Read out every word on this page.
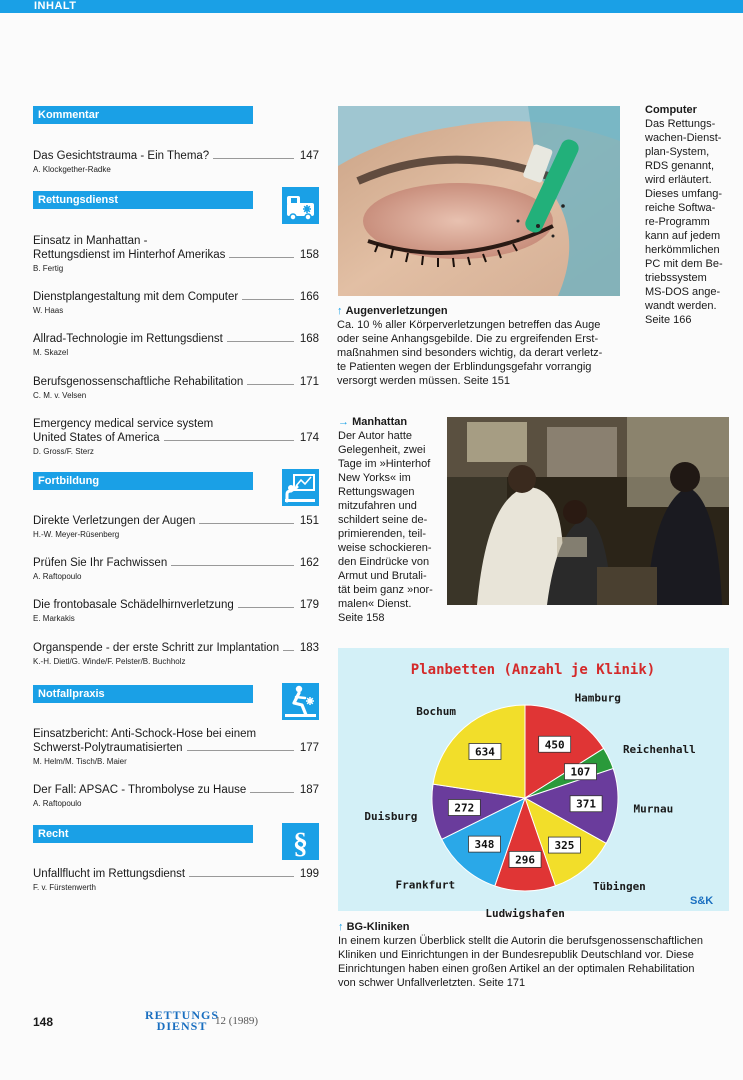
INHALT
Kommentar
Das Gesichtstrauma - Ein Thema?	147
A. Klockgether-Radke
Rettungsdienst
Einsatz in Manhattan -
Rettungsdienst im Hinterhof Amerikas	158
B. Fertig
Dienstplangestaltung mit dem Computer	166
W. Haas
Allrad-Technologie im Rettungsdienst	168
M. Skazel
Berufsgenossenschaftliche Rehabilitation	171
C. M. v. Velsen
Emergency medical service system
United States of America	174
D. Gross/F. Sterz
Fortbildung
Direkte Verletzungen der Augen	151
H.-W. Meyer-Rüsenberg
Prüfen Sie Ihr Fachwissen	162
A. Raftopoulo
Die frontobasale Schädelhirnverletzung	179
E. Markakis
Organspende - der erste Schritt zur Implantation 183
K.-H. Dietl/G. Winde/F. Pelster/B. Buchholz
Notfallpraxis
Einsatzbericht: Anti-Schock-Hose bei einem
Schwerst-Polytraumatisierten	177
M. Helm/M. Tisch/B. Maier
Der Fall: APSAC - Thrombolyse zu Hause	187
A. Raftopoulo
Recht	§
Unfallflucht im Rettungsdienst	199
F. v. Fürstenwerth
↑ Augenverletzungen
Ca. 10 % aller Körperverletzungen betreffen das Auge
oder seine Anhangsgebilde. Die zu ergreifenden Erst-
maßnahmen sind besonders wichtig, da derart verletz-
te Patienten wegen der Erblindungsgefahr vorrangig
versorgt werden müssen. Seite 151
Computer
Das Rettungs-
wachen-Dienst-
plan-System,
RDS genannt,
wird erläutert.
Dieses umfang-
reiche Softwa-
re-Programm
kann auf jedem
herkömmlichen
PC mit dem Be-
triebssystem
MS-DOS ange-
wandt werden.
Seite 166
→ Manhattan
Der Autor hatte
Gelegenheit, zwei
Tage im »Hinterhof
New Yorks« im
Rettungswagen
mitzufahren und
schildert seine de-
primierenden, teil-
weise schockieren-
den Eindrücke von
Armut und Brutali-
tät beim ganz »nor-
malen« Dienst.
Seite 158
Planbetten (Anzahl je Klinik)
450
107
371
325
296
348
272
634
Hamburg
Reichenhall
Murnau
Tübingen
Ludwigshafen
Frankfurt
Duisburg
Bochum
S&K
↑ BG-Kliniken
In einem kurzen Überblick stellt die Autorin die berufsgenossenschaftlichen
Kliniken und Einrichtungen in der Bundesrepublik Deutschland vor. Diese
Einrichtungen haben einen großen Artikel an der optimalen Rehabilitation
von schwer Unfallverletzten. Seite 171
148	RETTUNGS
DIENST 12 (1989)
